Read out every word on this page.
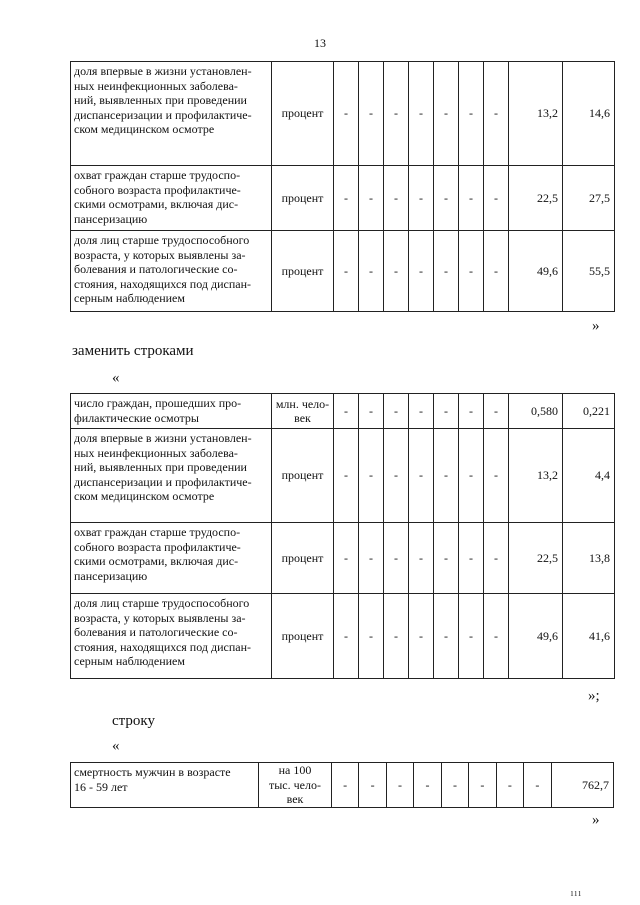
13
доля впервые в жизни установлен-
ных неинфекционных заболева-
ний, выявленных при проведении
диспансеризации и профилактиче-
ском медицинском осмотре	процент	-	-	-	-	-	-	-	13,2	14,6
охват граждан старше трудоспо-
собного возраста профилактиче-
скими осмотрами, включая дис-
пансеризацию	процент	-	-	-	-	-	-	-	22,5	27,5
доля лиц старше трудоспособного
возраста, у которых выявлены за-
болевания и патологические со-
стояния, находящихся под диспан-
серным наблюдением	процент	-	-	-	-	-	-	-	49,6	55,5
»
заменить строками
«
число граждан, прошедших про-
филактические осмотры	млн. чело-
век	-	-	-	-	-	-	-	0,580	0,221
доля впервые в жизни установлен-
ных неинфекционных заболева-
ний, выявленных при проведении
диспансеризации и профилактиче-
ском медицинском осмотре	процент	-	-	-	-	-	-	-	13,2	4,4
охват граждан старше трудоспо-
собного возраста профилактиче-
скими осмотрами, включая дис-
пансеризацию	процент	-	-	-	-	-	-	-	22,5	13,8
доля лиц старше трудоспособного
возраста, у которых выявлены за-
болевания и патологические со-
стояния, находящихся под диспан-
серным наблюдением	процент	-	-	-	-	-	-	-	49,6	41,6
»;
строку
«
смертность мужчин в возрасте
16 - 59 лет	на 100
тыс. чело-
век	-	-	-	-	-	-	-	-	762,7
»
ııı
